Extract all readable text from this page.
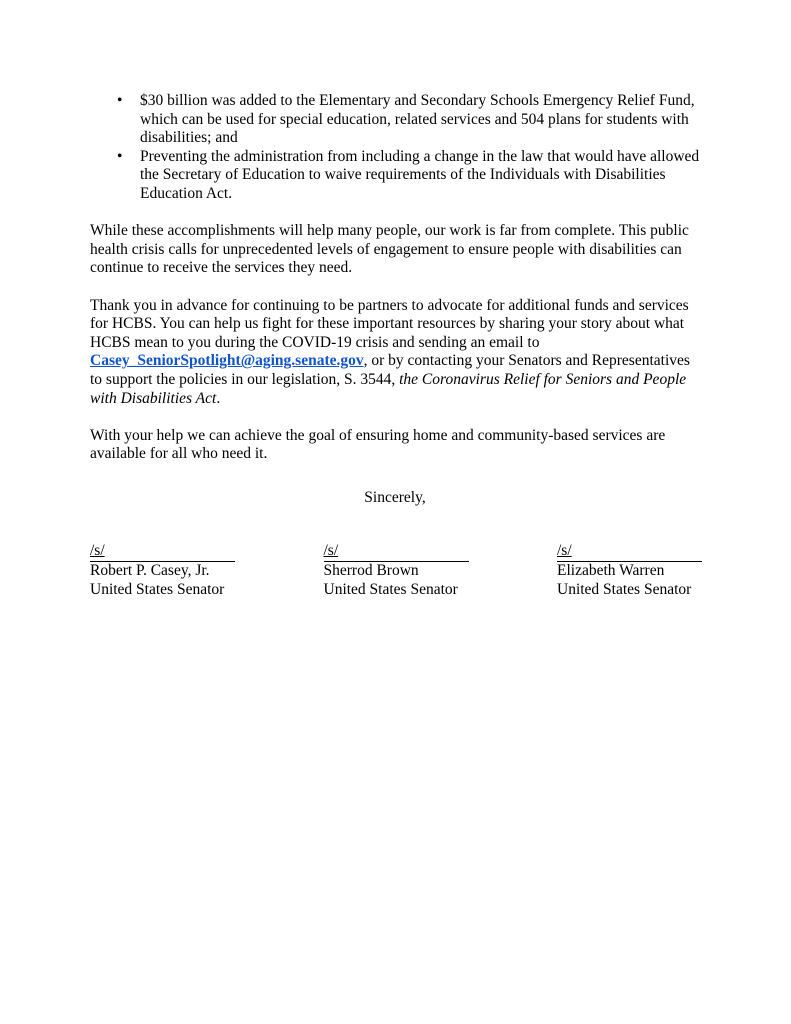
• $30 billion was added to the Elementary and Secondary Schools Emergency Relief Fund, which can be used for special education, related services and 504 plans for students with disabilities; and
• Preventing the administration from including a change in the law that would have allowed the Secretary of Education to waive requirements of the Individuals with Disabilities Education Act.

While these accomplishments will help many people, our work is far from complete. This public health crisis calls for unprecedented levels of engagement to ensure people with disabilities can continue to receive the services they need.

Thank you in advance for continuing to be partners to advocate for additional funds and services for HCBS. You can help us fight for these important resources by sharing your story about what HCBS mean to you during the COVID-19 crisis and sending an email to Casey_SeniorSpotlight@aging.senate.gov, or by contacting your Senators and Representatives to support the policies in our legislation, S. 3544, the Coronavirus Relief for Seniors and People with Disabilities Act.

With your help we can achieve the goal of ensuring home and community-based services are available for all who need it.

Sincerely,

/s/
Robert P. Casey, Jr.
United States Senator
/s/
Sherrod Brown
United States Senator
/s/
Elizabeth Warren
United States Senator
